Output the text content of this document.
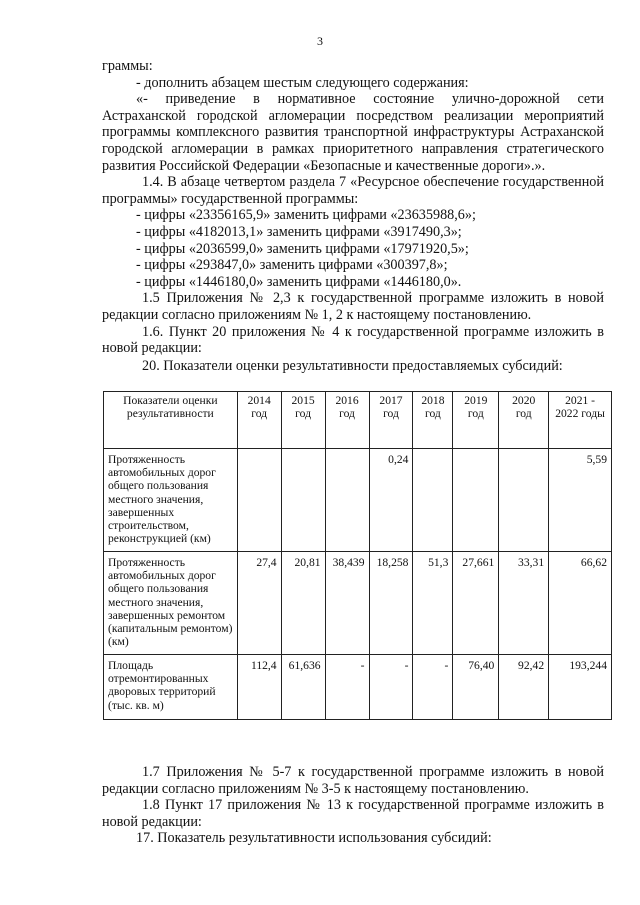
3

граммы:

- дополнить абзацем шестым следующего содержания:

«- приведение в нормативное состояние улично-дорожной сети Астраханской городской агломерации посредством реализации мероприятий программы комплексного развития транспортной инфраструктуры Астраханской городской агломерации в рамках приоритетного направления стратегического развития Российской Федерации «Безопасные и качественные дороги».».

1.4. В абзаце четвертом раздела 7 «Ресурсное обеспечение государственной программы» государственной программы:

- цифры «23356165,9» заменить цифрами «23635988,6»;

- цифры «4182013,1» заменить цифрами «3917490,3»;

- цифры «2036599,0» заменить цифрами «17971920,5»;

- цифры «293847,0» заменить цифрами «300397,8»;

- цифры «1446180,0» заменить цифрами «1446180,0».

1.5 Приложения № 2,3 к государственной программе изложить в новой редакции согласно приложениям № 1, 2 к настоящему постановлению.

1.6. Пункт 20 приложения № 4 к государственной программе изложить в новой редакции:

20. Показатели оценки результативности предоставляемых субсидий:

Показатели оценки результативности	2014 год	2015 год	2016 год	2017 год	2018 год	2019 год	2020 год	2021 - 2022 годы
Протяженность автомобильных дорог общего пользования местного значения, завершенных строительством, реконструкцией (км)				0,24				5,59
Протяженность автомобильных дорог общего пользования местного значения, завершенных ремонтом (капитальным ремонтом) (км)	27,4	20,81	38,439	18,258	51,3	27,661	33,31	66,62
Площадь отремонтированных дворовых территорий (тыс. кв. м)	112,4	61,636	-	-	-	76,40	92,42	193,244

1.7 Приложения № 5-7 к государственной программе изложить в новой редакции согласно приложениям № 3-5 к настоящему постановлению.

1.8 Пункт 17 приложения № 13 к государственной программе изложить в новой редакции:

17. Показатель результативности использования субсидий:
